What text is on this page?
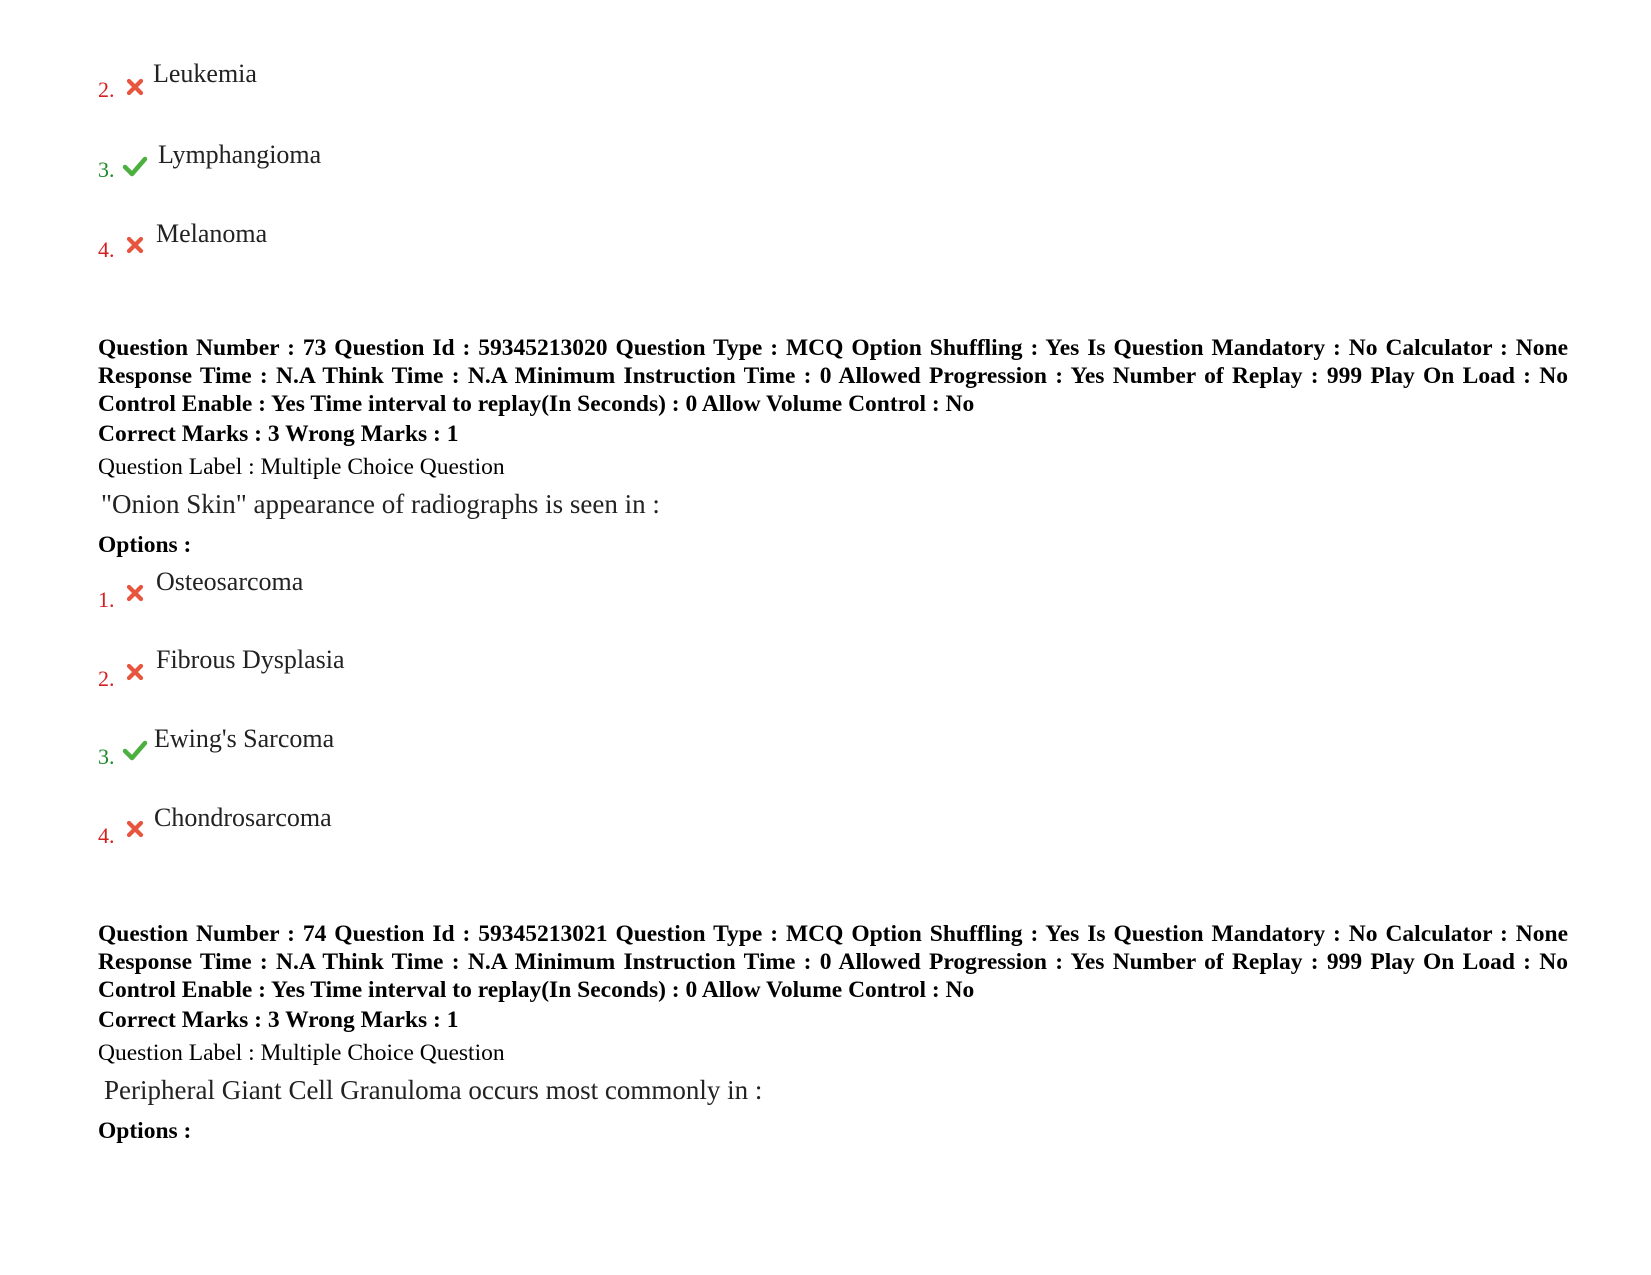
2.
Leukemia
3.
Lymphangioma
4.
Melanoma
Question Number : 73 Question Id : 59345213020 Question Type : MCQ Option Shuffling : Yes Is Question Mandatory : No Calculator : None Response Time : N.A Think Time : N.A Minimum Instruction Time : 0 Allowed Progression : Yes Number of Replay : 999 Play On Load : No Control Enable : Yes Time interval to replay(In Seconds) : 0 Allow Volume Control : No
Correct Marks : 3 Wrong Marks : 1
Question Label : Multiple Choice Question
"Onion Skin" appearance of radiographs is seen in :
Options :
1.
Osteosarcoma
2.
Fibrous Dysplasia
3.
Ewing's Sarcoma
4.
Chondrosarcoma
Question Number : 74 Question Id : 59345213021 Question Type : MCQ Option Shuffling : Yes Is Question Mandatory : No Calculator : None Response Time : N.A Think Time : N.A Minimum Instruction Time : 0 Allowed Progression : Yes Number of Replay : 999 Play On Load : No Control Enable : Yes Time interval to replay(In Seconds) : 0 Allow Volume Control : No
Correct Marks : 3 Wrong Marks : 1
Question Label : Multiple Choice Question
Peripheral Giant Cell Granuloma occurs most commonly in :
Options :
